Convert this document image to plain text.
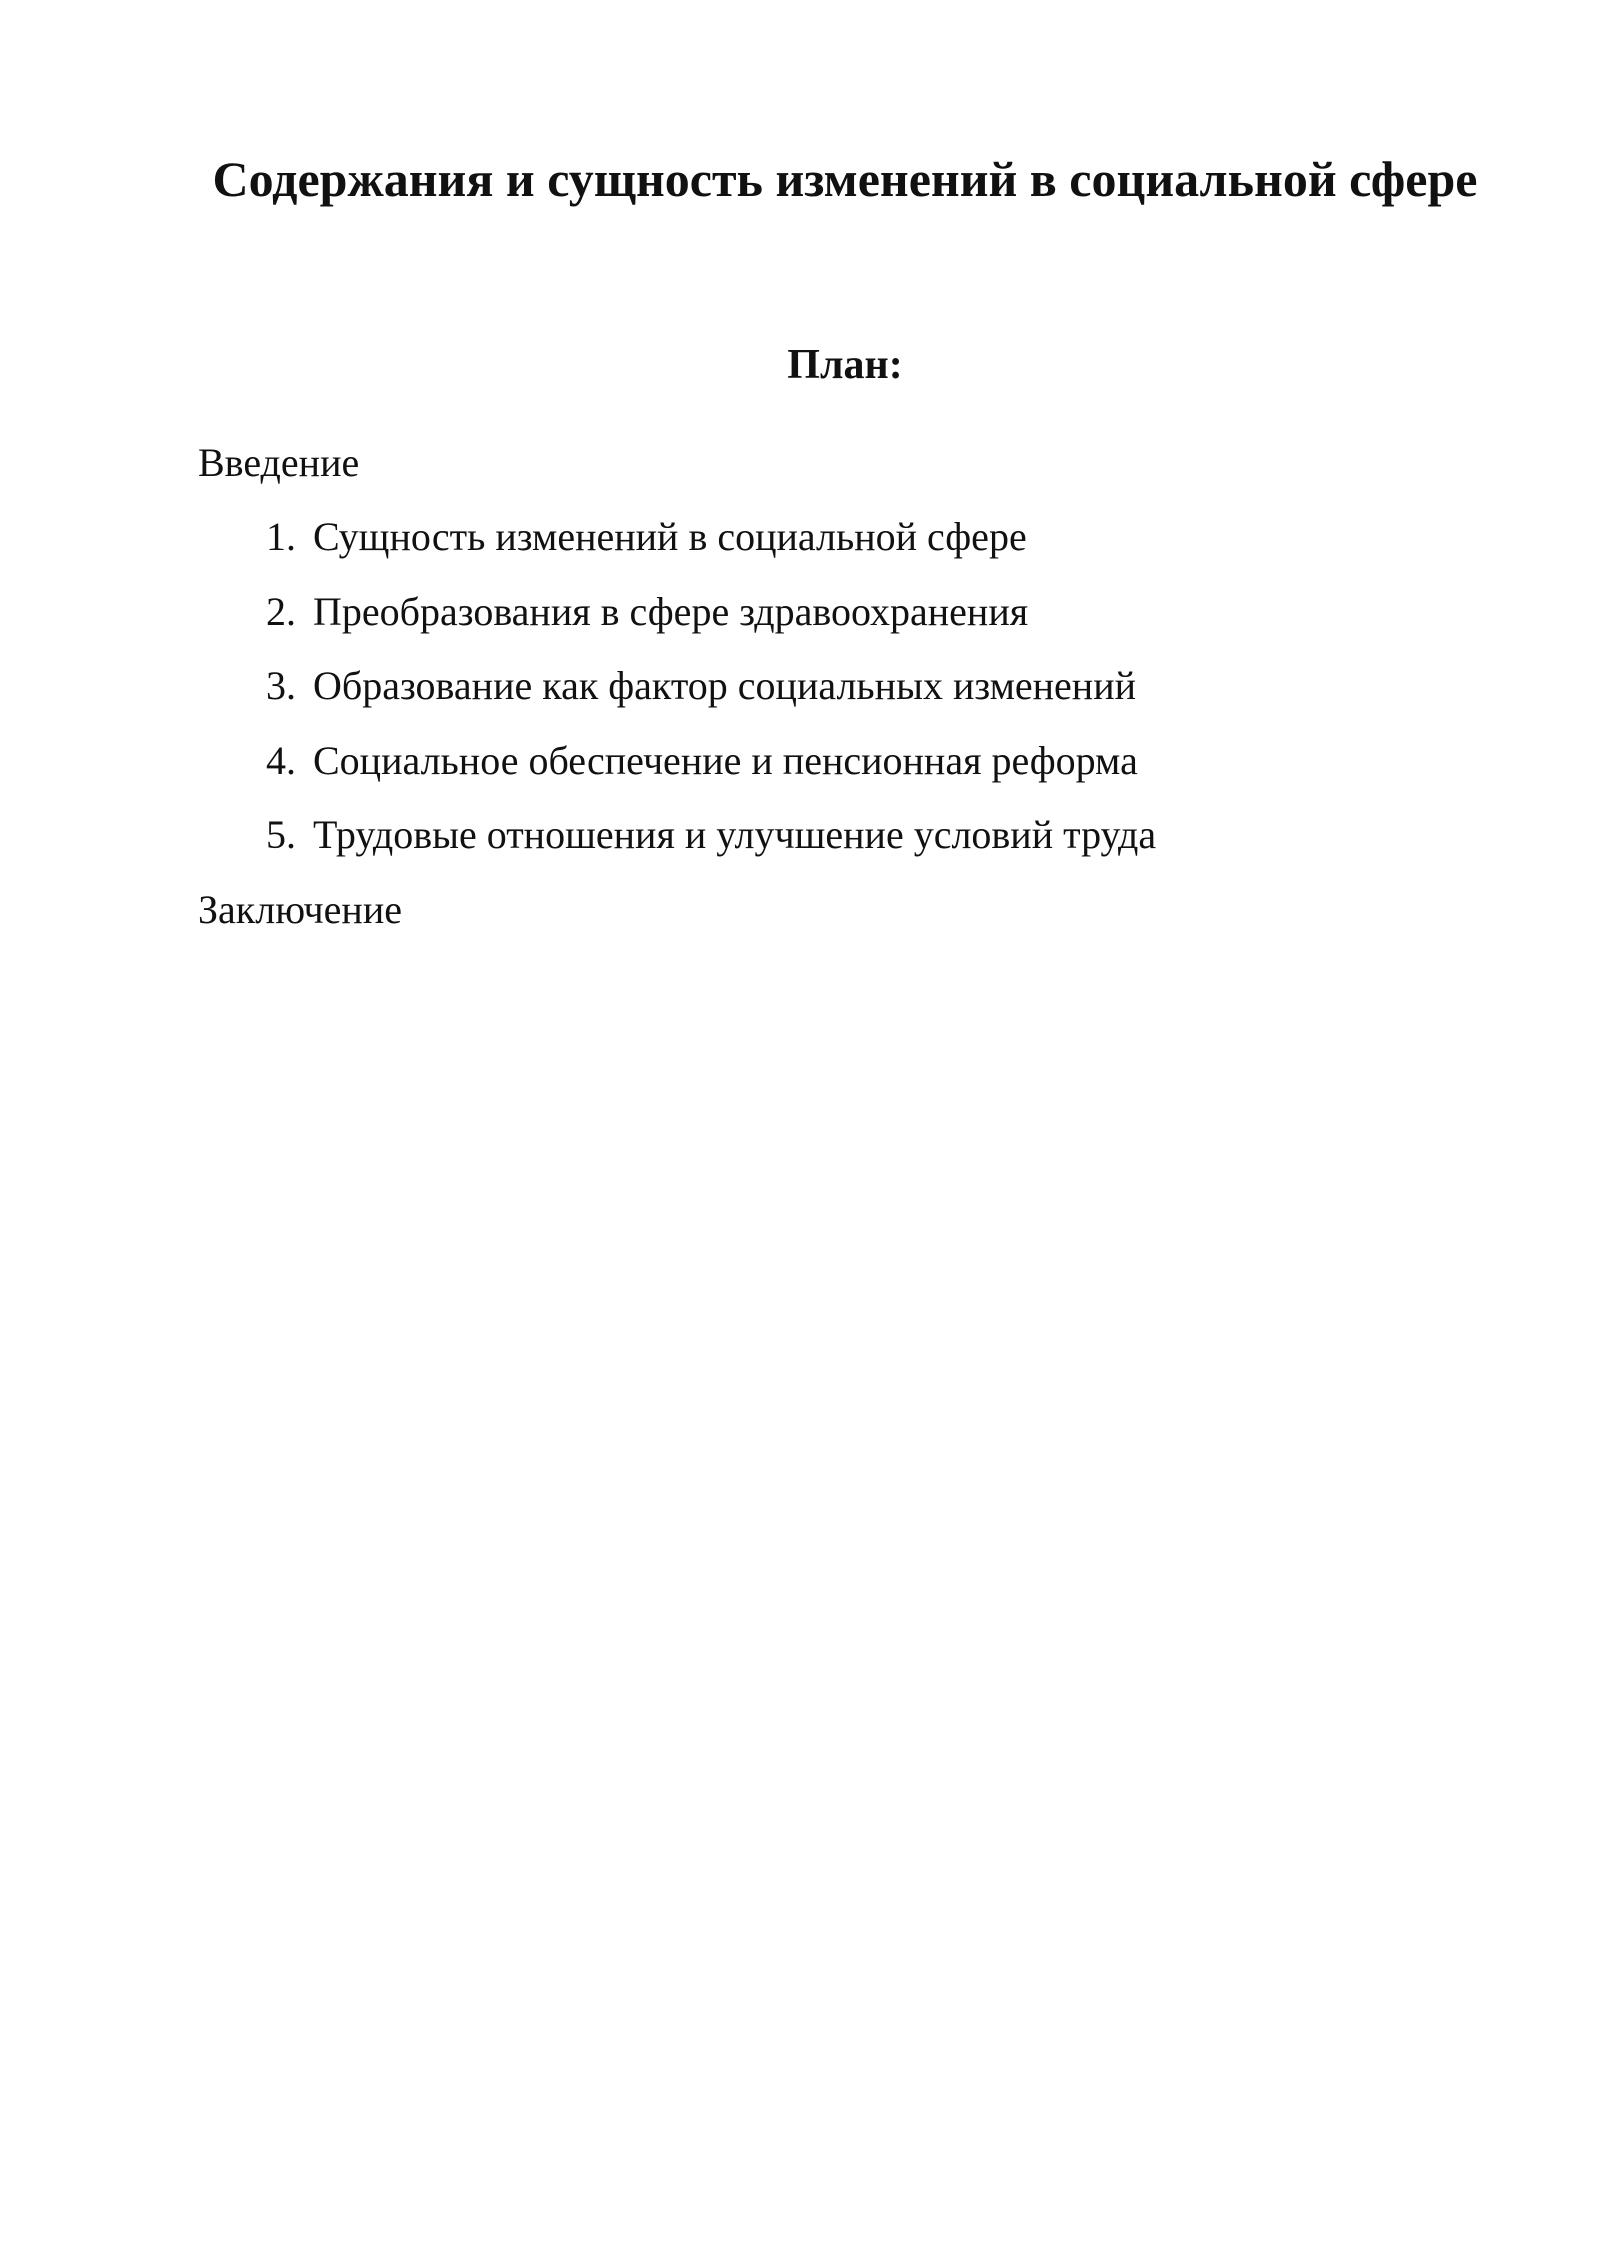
Содержания и сущность изменений в социальной сфере
План:

Введение

1. Сущность изменений в социальной сфере
2. Преобразования в сфере здравоохранения
3. Образование как фактор социальных изменений
4. Социальное обеспечение и пенсионная реформа
5. Трудовые отношения и улучшение условий труда

Заключение
